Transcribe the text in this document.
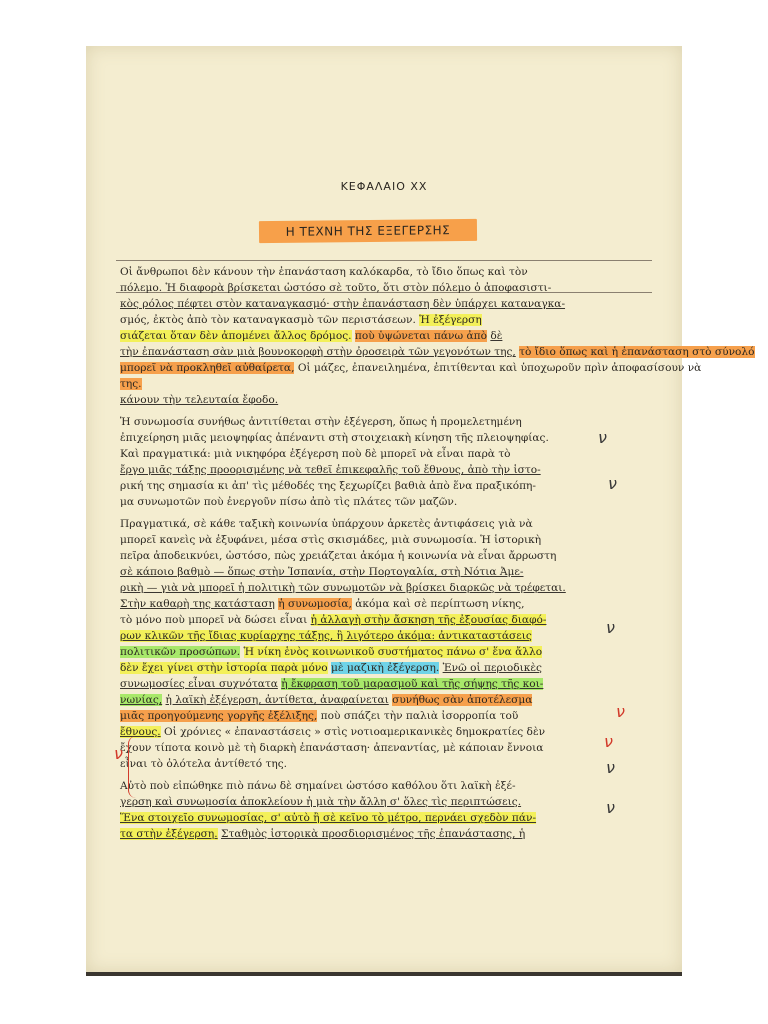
ΚΕΦΑΛΑΙΟ XX
Η ΤΕΧΝΗ ΤΗΣ ΕΞΕΓΕΡΣΗΣ
Οἱ ἄνθρωποι δὲν κάνουν τὴν ἐπανάσταση καλόκαρδα, τὸ ἴδιο ὅπως καὶ τὸν
πόλεμο. Ἡ διαφορὰ βρίσκεται ὡστόσο σὲ τοῦτο, ὅτι στὸν πόλεμο ὁ ἀποφασιστι-
κὸς ρόλος πέφτει στὸν καταναγκασμό· στὴν ἐπανάσταση δὲν ὑπάρχει καταναγκα-
σμός, ἐκτὸς ἀπὸ τὸν καταναγκασμὸ τῶν περιστάσεων. Ἡ ἐξέγερση
σιάζεται ὅταν δὲν ἀπομένει ἄλλος δρόμος. ποὺ ὑψώνεται πάνω ἀπὸ δὲ
τὴν ἐπανάσταση σὰν μιὰ βουνοκορφὴ στὴν ὀροσειρὰ τῶν γεγονότων της, τὸ ἴδιο ὅπως καὶ ἡ ἐπανάσταση στὸ σύνολό
μπορεῖ νὰ προκληθεῖ αὐθαίρετα, Οἱ μάζες, ἐπανειλημένα, ἐπιτίθενται καὶ ὑποχωροῦν πρὶν ἀποφασίσουν νὰ
της.
κάνουν τὴν τελευταία ἔφοδο.
Ἡ συνωμοσία συνήθως ἀντιτίθεται στὴν ἐξέγερση, ὅπως ἡ προμελετημένη
ἐπιχείρηση μιᾶς μειοψηφίας ἀπέναντι στὴ στοιχειακὴ κίνηση τῆς πλειοψηφίας.
Καὶ πραγματικά: μιὰ νικηφόρα ἐξέγερση ποὺ δὲ μπορεῖ νὰ εἶναι παρὰ τὸ
ἔργο μιᾶς τάξης προορισμένης νὰ τεθεῖ ἐπικεφαλῆς τοῦ ἔθνους, ἀπὸ τὴν ἱστο-
ρική της σημασία κι ἀπ' τὶς μέθοδές της ξεχωρίζει βαθιὰ ἀπὸ ἕνα πραξικόπη-
μα συνωμοτῶν ποὺ ἐνεργοῦν πίσω ἀπὸ τὶς πλάτες τῶν μαζῶν.
Πραγματικά, σὲ κάθε ταξικὴ κοινωνία ὑπάρχουν ἀρκετὲς ἀντιφάσεις γιὰ νὰ
μπορεῖ κανεὶς νὰ ἐξυφάνει, μέσα στὶς σκισμάδες, μιὰ συνωμοσία. Ἡ ἱστορικὴ
πεῖρα ἀποδεικνύει, ὡστόσο, πὼς χρειάζεται ἀκόμα ἡ κοινωνία νὰ εἶναι ἄρρωστη
σὲ κάποιο βαθμὸ — ὅπως στὴν Ἱσπανία, στὴν Πορτογαλία, στὴ Νότια Ἀμε-
ρικὴ — γιὰ νὰ μπορεῖ ἡ πολιτικὴ τῶν συνωμοτῶν νὰ βρίσκει διαρκῶς νὰ τρέφεται.
Στὴν καθαρὴ της κατάσταση ἡ συνωμοσία, ἀκόμα καὶ σὲ περίπτωση νίκης,
τὸ μόνο ποὺ μπορεῖ νὰ δώσει εἶναι ἡ ἀλλαγὴ στὴν ἄσκηση τῆς ἐξουσίας διαφό-
ρων κλικῶν τῆς ἴδιας κυρίαρχης τάξης, ἢ λιγότερο ἀκόμα: ἀντικαταστάσεις
πολιτικῶν προσώπων. Ἡ νίκη ἑνὸς κοινωνικοῦ συστήματος πάνω σ' ἕνα ἄλλο
δὲν ἔχει γίνει στὴν ἱστορία παρὰ μόνο μὲ μαζικὴ ἐξέγερση. Ἐνῶ οἱ περιοδικὲς
συνωμοσίες εἶναι συχνότατα ἡ ἔκφραση τοῦ μαρασμοῦ καὶ τῆς σήψης τῆς κοι-
νωνίας, ἡ λαϊκὴ ἐξέγερση, ἀντίθετα, ἀναφαίνεται συνήθως σὰν ἀποτέλεσμα
μιᾶς προηγούμενης γοργῆς ἐξέλιξης, ποὺ σπάζει τὴν παλιὰ ἰσορροπία τοῦ
ἔθνους. Οἱ χρόνιες « ἐπαναστάσεις » στὶς νοτιοαμερικανικὲς δημοκρατίες δὲν
ἔχουν τίποτα κοινὸ μὲ τὴ διαρκὴ ἐπανάσταση· ἀπεναντίας, μὲ κάποιαν ἔννοια
εἶναι τὸ ὁλότελα ἀντίθετό της.
Αὐτὸ ποὺ εἰπώθηκε πιὸ πάνω δὲ σημαίνει ὡστόσο καθόλου ὅτι λαϊκὴ ἐξέ-
γερση καὶ συνωμοσία ἀποκλείουν ἡ μιὰ τὴν ἄλλη σ' ὅλες τὶς περιπτώσεις.
Ἕνα στοιχεῖο συνωμοσίας, σ' αὐτὸ ἢ σὲ κεῖνο τὸ μέτρο, περνάει σχεδὸν πάν-
τα στὴν ἐξέγερση. Σταθμὸς ἱστορικὰ προσδιορισμένος τῆς ἐπανάστασης, ἡ
ν
ν
ν
ν
ν
ν
ν
ν
